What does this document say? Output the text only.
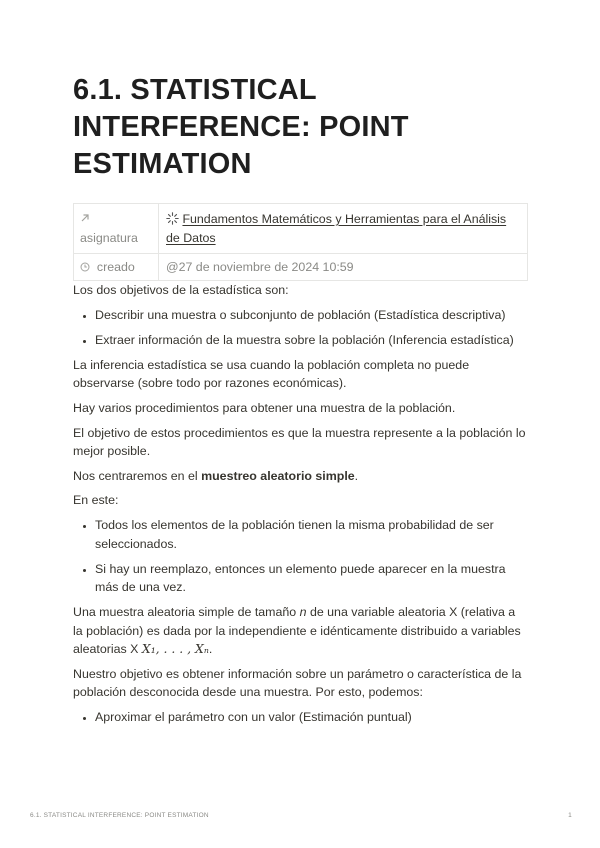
6.1. STATISTICAL INTERFERENCE: POINT ESTIMATION

asignatura	Fundamentos Matemáticos y Herramientas para el Análisis de Datos

creado	@27 de noviembre de 2024 10:59

Los dos objetivos de la estadística son:

• Describir una muestra o subconjunto de población (Estadística descriptiva)
• Extraer información de la muestra sobre la población (Inferencia estadística)

La inferencia estadística se usa cuando la población completa no puede observarse (sobre todo por razones económicas).

Hay varios procedimientos para obtener una muestra de la población.

El objetivo de estos procedimientos es que la muestra represente a la población lo mejor posible.

Nos centraremos en el muestreo aleatorio simple.

En este:

• Todos los elementos de la población tienen la misma probabilidad de ser seleccionados.
• Si hay un reemplazo, entonces un elemento puede aparecer en la muestra más de una vez.

Una muestra aleatoria simple de tamaño n de una variable aleatoria X (relativa a la población) es dada por la independiente e idénticamente distribuido a variables aleatorias X X₁, . . . , Xₙ.

Nuestro objetivo es obtener información sobre un parámetro o característica de la población desconocida desde una muestra. Por esto, podemos:

• Aproximar el parámetro con un valor (Estimación puntual)
6.1. STATISTICAL INTERFERENCE: POINT ESTIMATION	1
